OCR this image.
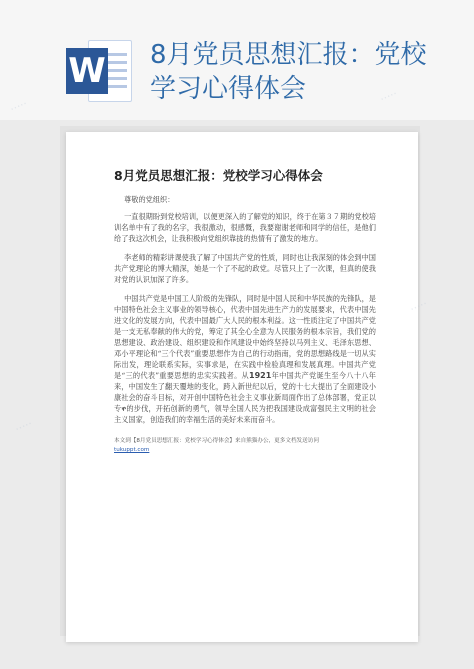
W 8月党员思想汇报：党校学习心得体会
8月党员思想汇报：党校学习心得体会

尊敬的党组织：

一直很期盼到党校培训，以便更深入的了解党的知识，终于在第３７期的党校培训名单中有了我的名字，我很激动，很感慨，我要谢谢老师和同学的信任，是他们给了我这次机会，让我积极向党组织靠拢的热情有了激发的地方。

李老师的精彩讲课使我了解了中国共产党的性质，同时也让我深刻的体会到中国共产党理论的博大精深，她是一个了不起的政党。尽管只上了一次课，但真的使我对党的认识加深了许多。

中国共产党是中国工人阶级的先锋队，同时是中国人民和中华民族的先锋队，是中国特色社会主义事业的领导核心，代表中国先进生产力的发展要求，代表中国先进文化的发展方向，代表中国最广大人民的根本利益。这一性质注定了中国共产党是一支无私奉献的伟大的党，筹定了其全心全意为人民服务的根本宗旨，我们党的思想建设、政治建设、组织建设和作风建设中始终坚持以马列主义、毛泽东思想、邓小平理论和“三个代表”重要思想作为自己的行动指南，党的思想路线是一切从实际出发，理论联系实际，实事求是，在实践中检验真理和发展真理。中国共产党是“三的代表”重要思想的忠实实践者。从1921年中国共产党诞生至今八十八年来，中国发生了翻天覆地的变化，跨入新世纪以后，党的十七大提出了全面建设小康社会的奋斗目标，对开创中国特色社会主义事业新局面作出了总体部署，党正以专ቐ的步伐，开拓创新的勇气，领导全国人民为把我国建设成富强民主文明的社会主义国家，创造我们的幸福生活的美好未来而奋斗。

本文到【8月党员思想汇报：党校学习心得体会】来自熊猫办公，更多文档发送访问
tukuppt.com
·····
·····
·····
·····
